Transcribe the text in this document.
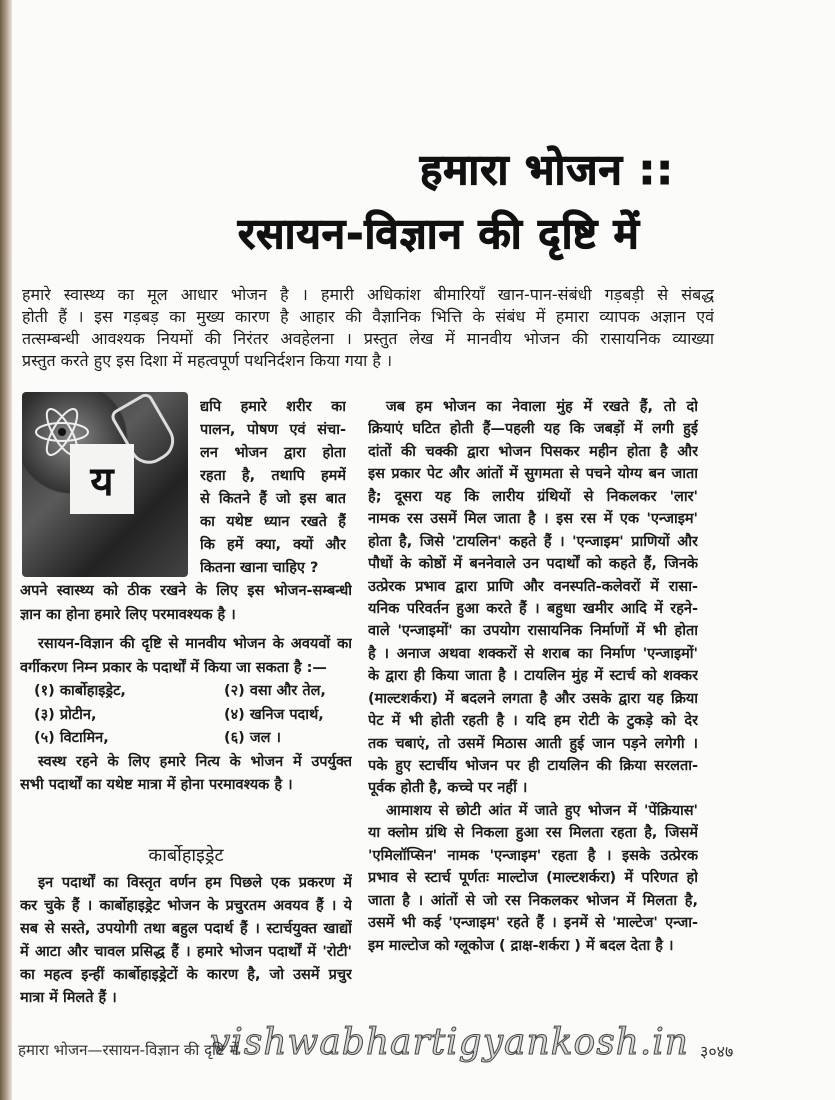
हमारा भोजन ::
रसायन-विज्ञान की दृष्टि में
हमारे स्वास्थ्य का मूल आधार भोजन है । हमारी अधिकांश बीमारियाँ खान-पान-संबंधी गड़बड़ी से संबद्ध
होती हैं । इस गड़बड़ का मुख्य कारण है आहार की वैज्ञानिक भित्ति के संबंध में हमारा व्यापक अज्ञान एवं
तत्सम्बन्धी आवश्यक नियमों की निरंतर अवहेलना । प्रस्तुत लेख में मानवीय भोजन की रासायनिक व्याख्या
प्रस्तुत करते हुए इस दिशा में महत्वपूर्ण पथनिर्दशन किया गया है ।
य
द्यपि हमारे शरीर का
पालन, पोषण एवं संचा-
लन भोजन द्वारा होता
रहता है, तथापि हममें
से कितने हैं जो इस बात
का यथेष्ट ध्यान रखते हैं
कि हमें क्या, क्यों और
कितना खाना चाहिए ?
अपने स्वास्थ्य को ठीक रखने के लिए इस भोजन-सम्बन्धी
ज्ञान का होना हमारे लिए परमावश्यक है ।
रसायन-विज्ञान की दृष्टि से मानवीय भोजन के अवयवों का
वर्गीकरण निम्न प्रकार के पदार्थों में किया जा सकता है :—
(१) कार्बोहाइड्रेट,	(२) वसा और तेल,
(३) प्रोटीन,	(४) खनिज पदार्थ,
(५) विटामिन,	(६) जल ।
स्वस्थ रहने के लिए हमारे नित्य के भोजन में उपर्युक्त
सभी पदार्थों का यथेष्ट मात्रा में होना परमावश्यक है ।
कार्बोहाइड्रेट
इन पदार्थों का विस्तृत वर्णन हम पिछले एक प्रकरण में
कर चुके हैं । कार्बोहाइड्रेट भोजन के प्रचुरतम अवयव हैं । ये
सब से सस्ते, उपयोगी तथा बहुल पदार्थ हैं । स्टार्चयुक्त खाद्यों
में आटा और चावल प्रसिद्ध हैं । हमारे भोजन पदार्थों में 'रोटी'
का महत्व इन्हीं कार्बोहाइड्रेटों के कारण है, जो उसमें प्रचुर
मात्रा में मिलते हैं ।
जब हम भोजन का नेवाला मुंह में रखते हैं, तो दो
क्रियाएं घटित होती हैं—पहली यह कि जबड़ों में लगी हुई
दांतों की चक्की द्वारा भोजन पिसकर महीन होता है और
इस प्रकार पेट और आंतों में सुगमता से पचने योग्य बन जाता
है; दूसरा यह कि लारीय ग्रंथियों से निकलकर 'लार'
नामक रस उसमें मिल जाता है । इस रस में एक 'एन्जाइम'
होता है, जिसे 'टायलिन' कहते हैं । 'एन्जाइम' प्राणियों और
पौधों के कोष्ठों में बननेवाले उन पदार्थों को कहते हैं, जिनके
उत्प्रेरक प्रभाव द्वारा प्राणि और वनस्पति-कलेवरों में रासा-
यनिक परिवर्तन हुआ करते हैं । बहुधा खमीर आदि में रहने-
वाले 'एन्जाइमों' का उपयोग रासायनिक निर्माणों में भी होता
है । अनाज अथवा शक्करों से शराब का निर्माण 'एन्जाइमों'
के द्वारा ही किया जाता है । टायलिन मुंह में स्टार्च को शक्कर
(माल्टशर्करा) में बदलने लगता है और उसके द्वारा यह क्रिया
पेट में भी होती रहती है । यदि हम रोटी के टुकड़े को देर
तक चबाएं, तो उसमें मिठास आती हुई जान पड़ने लगेगी ।
पके हुए स्टार्चीय भोजन पर ही टायलिन की क्रिया सरलता-
पूर्वक होती है, कच्चे पर नहीं ।
आमाशय से छोटी आंत में जाते हुए भोजन में 'पेंक्रियास'
या क्लोम ग्रंथि से निकला हुआ रस मिलता रहता है, जिसमें
'एमिलॉप्सिन' नामक 'एन्जाइम' रहता है । इसके उत्प्रेरक
प्रभाव से स्टार्च पूर्णतः माल्टोज (माल्टशर्करा) में परिणत हो
जाता है । आंतों से जो रस निकलकर भोजन में मिलता है,
उसमें भी कई 'एन्जाइम' रहते हैं । इनमें से 'माल्टेज' एन्जा-
इम माल्टोज को ग्लूकोज ( द्राक्ष-शर्करा ) में बदल देता है ।
vishwabhartigyankosh.in
हमारा भोजन—रसायन-विज्ञान की दृष्टि में	३०४७
